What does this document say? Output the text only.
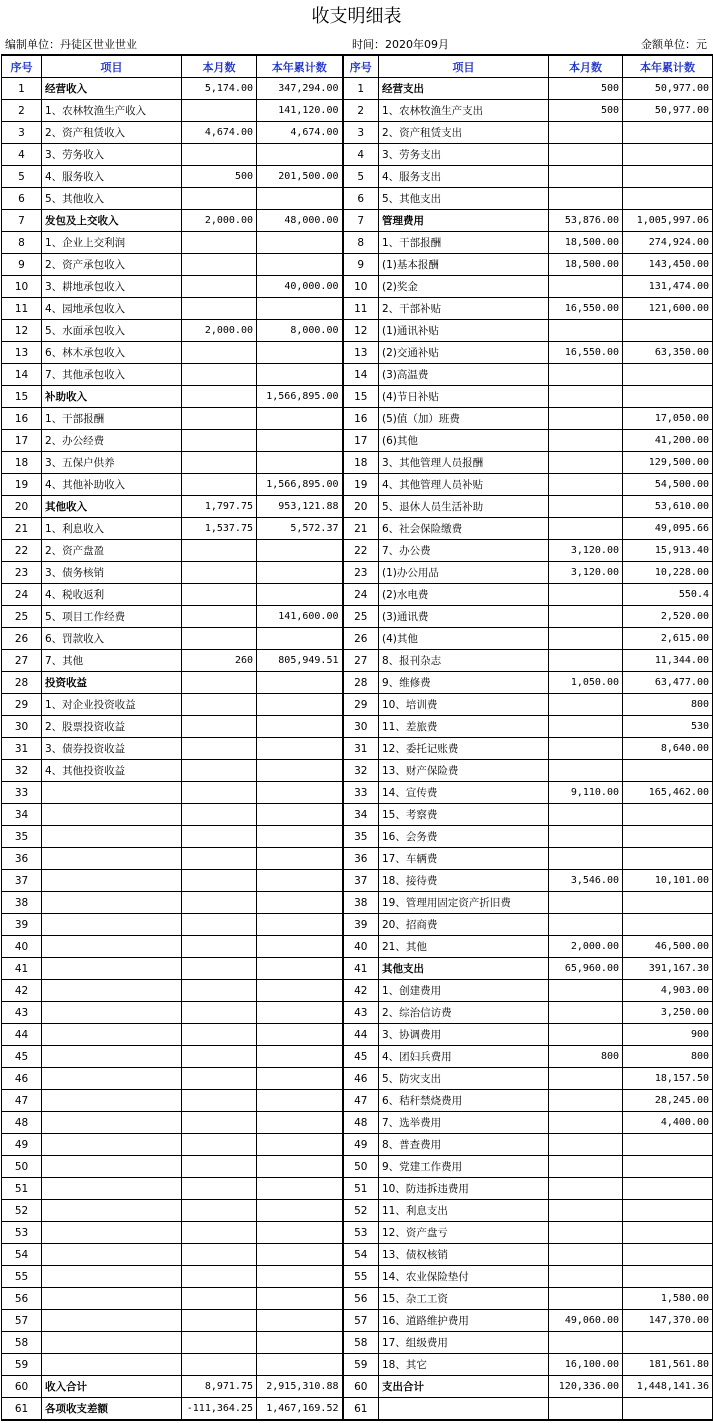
收支明细表
编制单位：丹徒区世业世业	时间：2020年09月	金额单位：元
序号	项目	本月数	本年累计数	序号	项目	本月数	本年累计数
1	经营收入	5,174.00	347,294.00	1	经营支出	500	50,977.00
2	1、农林牧渔生产收入		141,120.00	2	1、农林牧渔生产支出	500	50,977.00
3	2、资产租赁收入	4,674.00	4,674.00	3	2、资产租赁支出		
4	3、劳务收入			4	3、劳务支出		
5	4、服务收入	500	201,500.00	5	4、服务支出		
6	5、其他收入			6	5、其他支出		
7	发包及上交收入	2,000.00	48,000.00	7	管理费用	53,876.00	1,005,997.06
8	1、企业上交利润			8	1、干部报酬	18,500.00	274,924.00
9	2、资产承包收入			9	(1)基本报酬	18,500.00	143,450.00
10	3、耕地承包收入		40,000.00	10	(2)奖金		131,474.00
11	4、园地承包收入			11	2、干部补贴	16,550.00	121,600.00
12	5、水面承包收入	2,000.00	8,000.00	12	(1)通讯补贴		
13	6、林木承包收入			13	(2)交通补贴	16,550.00	63,350.00
14	7、其他承包收入			14	(3)高温费		
15	补助收入		1,566,895.00	15	(4)节日补贴		
16	1、干部报酬			16	(5)值（加）班费		17,050.00
17	2、办公经费			17	(6)其他		41,200.00
18	3、五保户供养			18	3、其他管理人员报酬		129,500.00
19	4、其他补助收入		1,566,895.00	19	4、其他管理人员补贴		54,500.00
20	其他收入	1,797.75	953,121.88	20	5、退休人员生活补助		53,610.00
21	1、利息收入	1,537.75	5,572.37	21	6、社会保险缴费		49,095.66
22	2、资产盘盈			22	7、办公费	3,120.00	15,913.40
23	3、债务核销			23	(1)办公用品	3,120.00	10,228.00
24	4、税收返利			24	(2)水电费		550.4
25	5、项目工作经费		141,600.00	25	(3)通讯费		2,520.00
26	6、罚款收入			26	(4)其他		2,615.00
27	7、其他	260	805,949.51	27	8、报刊杂志		11,344.00
28	投资收益			28	9、维修费	1,050.00	63,477.00
29	1、对企业投资收益			29	10、培训费		800
30	2、股票投资收益			30	11、差旅费		530
31	3、债券投资收益			31	12、委托记账费		8,640.00
32	4、其他投资收益			32	13、财产保险费		
33				33	14、宣传费	9,110.00	165,462.00
34				34	15、考察费		
35				35	16、会务费		
36				36	17、车辆费		
37				37	18、接待费	3,546.00	10,101.00
38				38	19、管理用固定资产折旧费		
39				39	20、招商费		
40				40	21、其他	2,000.00	46,500.00
41				41	其他支出	65,960.00	391,167.30
42				42	1、创建费用		4,903.00
43				43	2、综治信访费		3,250.00
44				44	3、协调费用		900
45				45	4、团妇兵费用	800	800
46				46	5、防灾支出		18,157.50
47				47	6、秸秆禁烧费用		28,245.00
48				48	7、选举费用		4,400.00
49				49	8、普查费用		
50				50	9、党建工作费用		
51				51	10、防违拆违费用		
52				52	11、利息支出		
53				53	12、资产盘亏		
54				54	13、债权核销		
55				55	14、农业保险垫付		
56				56	15、杂工工资		1,580.00
57				57	16、道路维护费用	49,060.00	147,370.00
58				58	17、组级费用		
59				59	18、其它	16,100.00	181,561.80
60	收入合计	8,971.75	2,915,310.88	60	支出合计	120,336.00	1,448,141.36
61	各项收支差额	-111,364.25	1,467,169.52	61			
